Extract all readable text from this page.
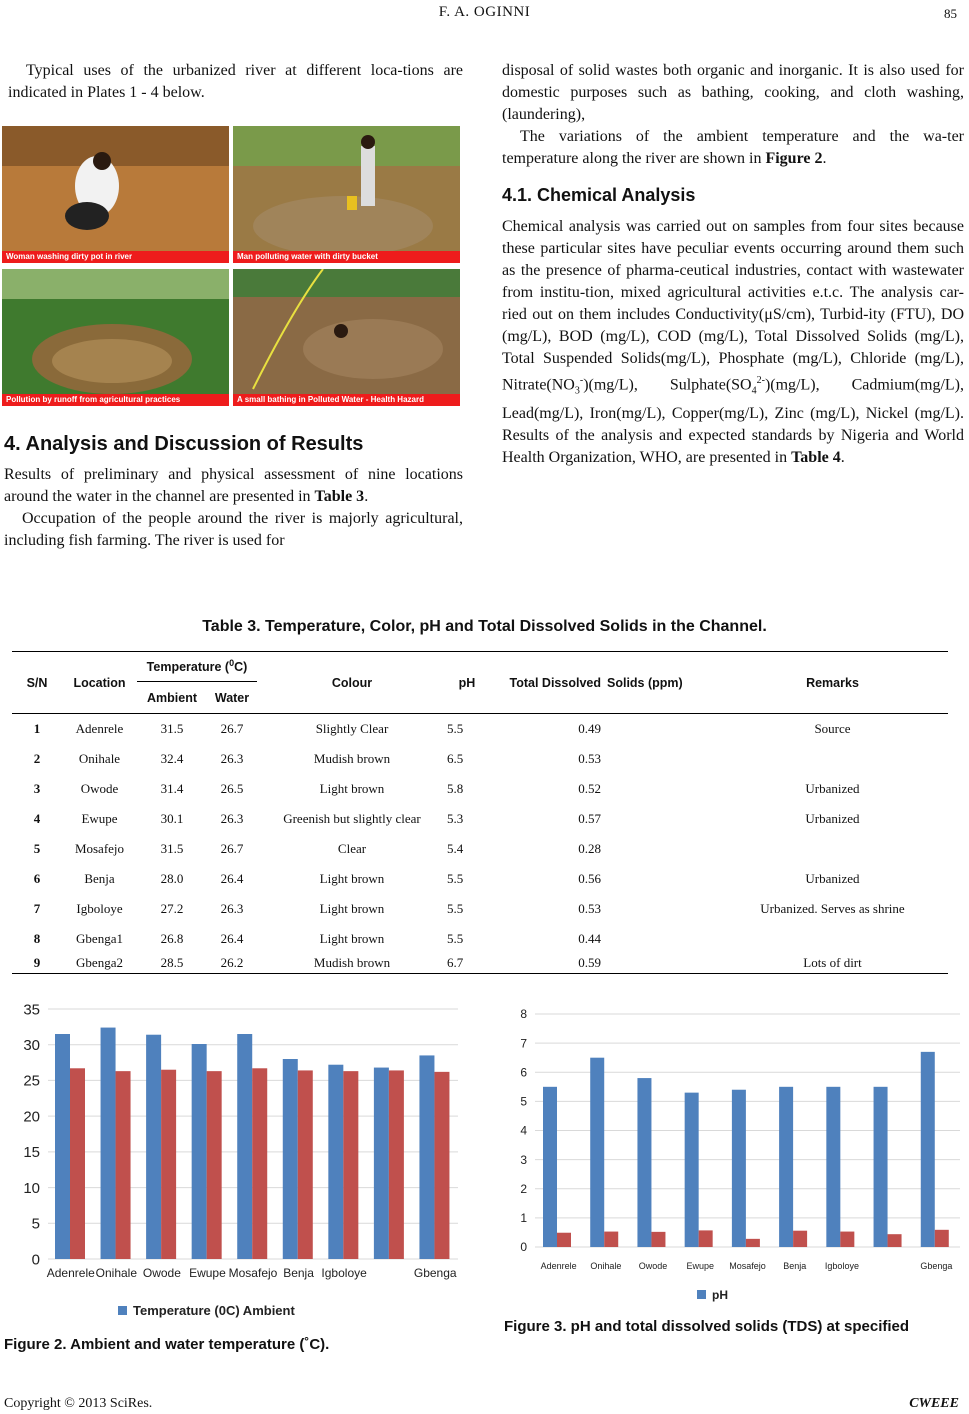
F. A. OGINNI	85

Typical uses of the urbanized river at different loca-tions are indicated in Plates 1 - 4 below.

Woman washing dirty pot in river	Man polluting water with dirty bucket
Pollution by runoff from agricultural practices	A small bathing in Polluted Water - Health Hazard
4. Analysis and Discussion of Results

Results of preliminary and physical assessment of nine locations around the water in the channel are presented in Table 3.

Occupation of the people around the river is majorly agricultural, including fish farming. The river is used for

disposal of solid wastes both organic and inorganic. It is also used for domestic purposes such as bathing, cooking, and cloth washing, (laundering),

The variations of the ambient temperature and the wa-ter temperature along the river are shown in Figure 2.

4.1. Chemical Analysis

Chemical analysis was carried out on samples from four sites because these particular sites have peculiar events occurring around them such as the presence of pharma-ceutical industries, contact with wastewater from institu-tion, mixed agricultural activities e.t.c. The analysis car-ried out on them includes Conductivity(μS/cm), Turbid-ity (FTU), DO (mg/L), BOD (mg/L), COD (mg/L), Total Dissolved Solids (mg/L), Total Suspended Solids(mg/L), Phosphate (mg/L), Chloride (mg/L), $Nitrate(NO_3^-)(mg/L)$, $Sulphate(SO_4^{2-})(mg/L)$, Cadmium(mg/L), Lead(mg/L), Iron(mg/L), Copper(mg/L), Zinc (mg/L), Nickel (mg/L). Results of the analysis and expected standards by Nigeria and World Health Organization, WHO, are presented in Table 4.

Table 3. Temperature, Color, pH and Total Dissolved Solids in the Channel.
S/N	Location	Temperature ($^0$C)		Colour	pH	Total Dissolved	Solids (ppm)	Remarks
		Ambient	Water					
1	Adenrele	31.5	26.7	Slightly Clear	5.5	0.49		Source
2	Onihale	32.4	26.3	Mudish brown	6.5	0.53		
3	Owode	31.4	26.5	Light brown	5.8	0.52		Urbanized
4	Ewupe	30.1	26.3	Greenish but slightly clear	5.3	0.57		Urbanized
5	Mosafejo	31.5	26.7	Clear	5.4	0.28		
6	Benja	28.0	26.4	Light brown	5.5	0.56		Urbanized
7	Igboloye	27.2	26.3	Light brown	5.5	0.53		Urbanized. Serves as shrine
8	Gbenga1	26.8	26.4	Light brown	5.5	0.44		
9	Gbenga2	28.5	26.2	Mudish brown	6.7	0.59		Lots of dirt
0
5
10
15
20
25
30
35
Adenrele Onihale Owode Ewupe Mosafejo Benja Igboloye	Gbenga
Temperature (0C) Ambient
Figure 2. Ambient and water temperature (˚C).
0
1
2
3
4
5
6
7
8
Adenrele Onihale Owode Ewupe Mosafejo Benja Igboloye	Gbenga
pH
Figure 3. pH and total dissolved solids (TDS) at specified
Copyright © 2013 SciRes.	CWEEE
